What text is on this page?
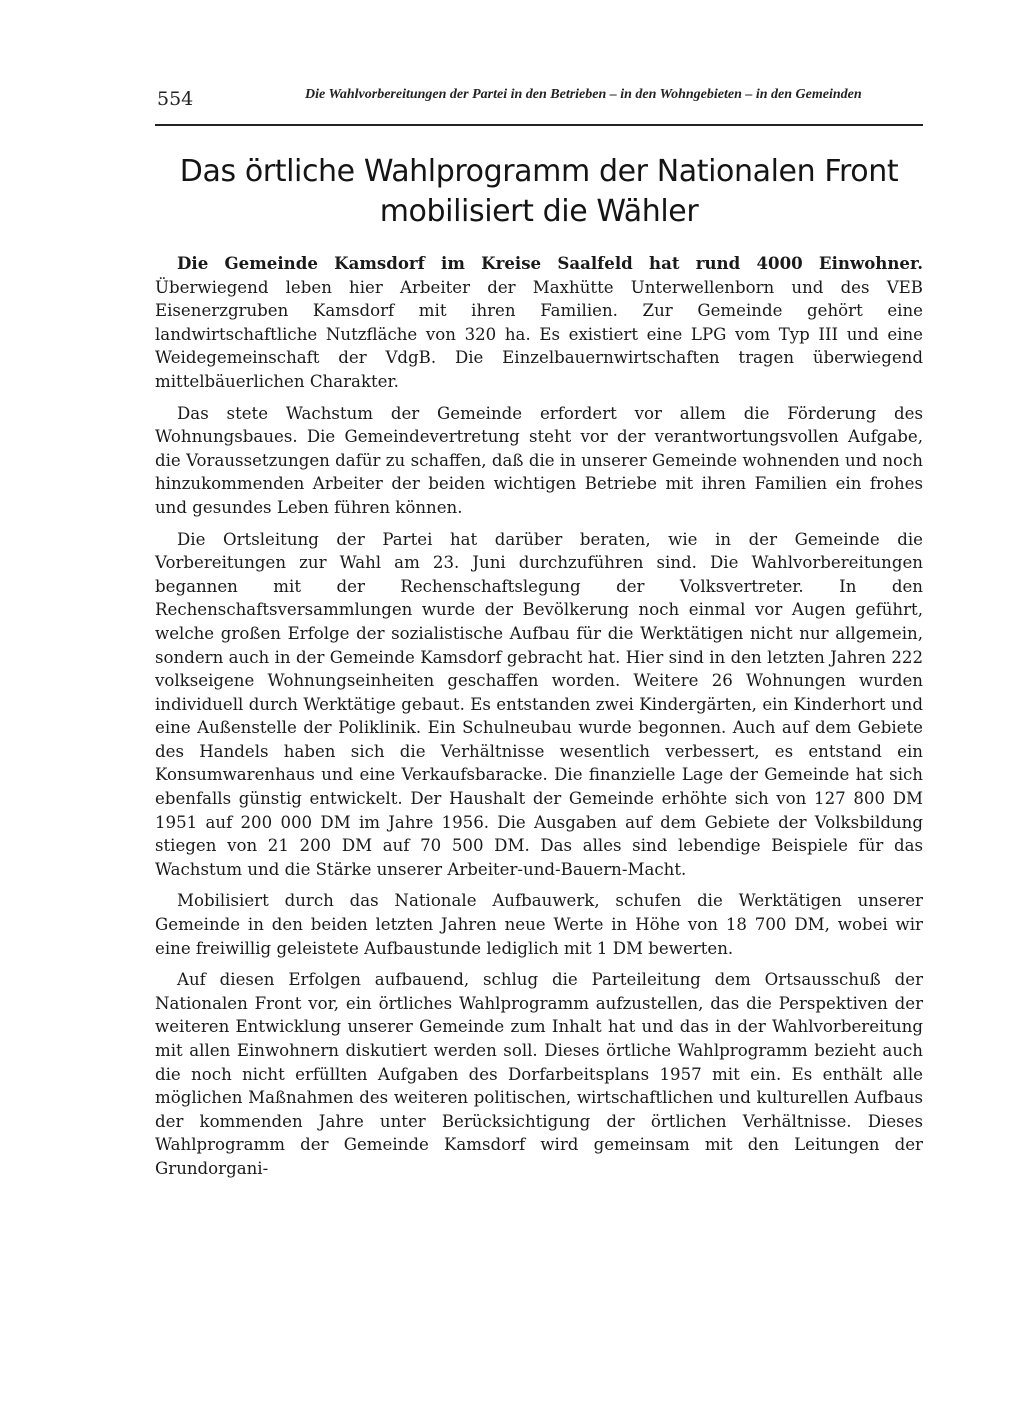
554	Die Wahlvorbereitungen der Partei in den Betrieben – in den Wohngebieten – in den Gemeinden
Das örtliche Wahlprogramm der Nationalen Front
mobilisiert die Wähler

Die Gemeinde Kamsdorf im Kreise Saalfeld hat rund 4000 Einwohner. Überwiegend leben hier Arbeiter der Maxhütte Unterwellenborn und des VEB Eisenerzgruben Kamsdorf mit ihren Familien. Zur Gemeinde gehört eine landwirtschaftliche Nutzfläche von 320 ha. Es existiert eine LPG vom Typ III und eine Weidegemeinschaft der VdgB. Die Einzelbauernwirtschaften tragen überwiegend mittelbäuerlichen Charakter.

Das stete Wachstum der Gemeinde erfordert vor allem die Förderung des Wohnungsbaues. Die Gemeindevertretung steht vor der verantwortungsvollen Aufgabe, die Voraussetzungen dafür zu schaffen, daß die in unserer Gemeinde wohnenden und noch hinzukommenden Arbeiter der beiden wichtigen Betriebe mit ihren Familien ein frohes und gesundes Leben führen können.

Die Ortsleitung der Partei hat darüber beraten, wie in der Gemeinde die Vorbereitungen zur Wahl am 23. Juni durchzuführen sind. Die Wahlvorbereitungen begannen mit der Rechenschaftslegung der Volksvertreter. In den Rechenschaftsversammlungen wurde der Bevölkerung noch einmal vor Augen geführt, welche großen Erfolge der sozialistische Aufbau für die Werktätigen nicht nur allgemein, sondern auch in der Gemeinde Kamsdorf gebracht hat. Hier sind in den letzten Jahren 222 volkseigene Wohnungseinheiten geschaffen worden. Weitere 26 Wohnungen wurden individuell durch Werktätige gebaut. Es entstanden zwei Kindergärten, ein Kinderhort und eine Außenstelle der Poliklinik. Ein Schulneubau wurde begonnen. Auch auf dem Gebiete des Handels haben sich die Verhältnisse wesentlich verbessert, es entstand ein Konsumwarenhaus und eine Verkaufsbaracke. Die finanzielle Lage der Gemeinde hat sich ebenfalls günstig entwickelt. Der Haushalt der Gemeinde erhöhte sich von 127 800 DM 1951 auf 200 000 DM im Jahre 1956. Die Ausgaben auf dem Gebiete der Volksbildung stiegen von 21 200 DM auf 70 500 DM. Das alles sind lebendige Beispiele für das Wachstum und die Stärke unserer Arbeiter-und-Bauern-Macht.

Mobilisiert durch das Nationale Aufbauwerk, schufen die Werktätigen unserer Gemeinde in den beiden letzten Jahren neue Werte in Höhe von 18 700 DM, wobei wir eine freiwillig geleistete Aufbaustunde lediglich mit 1 DM bewerten.

Auf diesen Erfolgen aufbauend, schlug die Parteileitung dem Ortsausschuß der Nationalen Front vor, ein örtliches Wahlprogramm aufzustellen, das die Perspektiven der weiteren Entwicklung unserer Gemeinde zum Inhalt hat und das in der Wahlvorbereitung mit allen Einwohnern diskutiert werden soll. Dieses örtliche Wahlprogramm bezieht auch die noch nicht erfüllten Aufgaben des Dorfarbeitsplans 1957 mit ein. Es enthält alle möglichen Maßnahmen des weiteren politischen, wirtschaftlichen und kulturellen Aufbaus der kommenden Jahre unter Berücksichtigung der örtlichen Verhältnisse. Dieses Wahlprogramm der Gemeinde Kamsdorf wird gemeinsam mit den Leitungen der Grundorgani-
